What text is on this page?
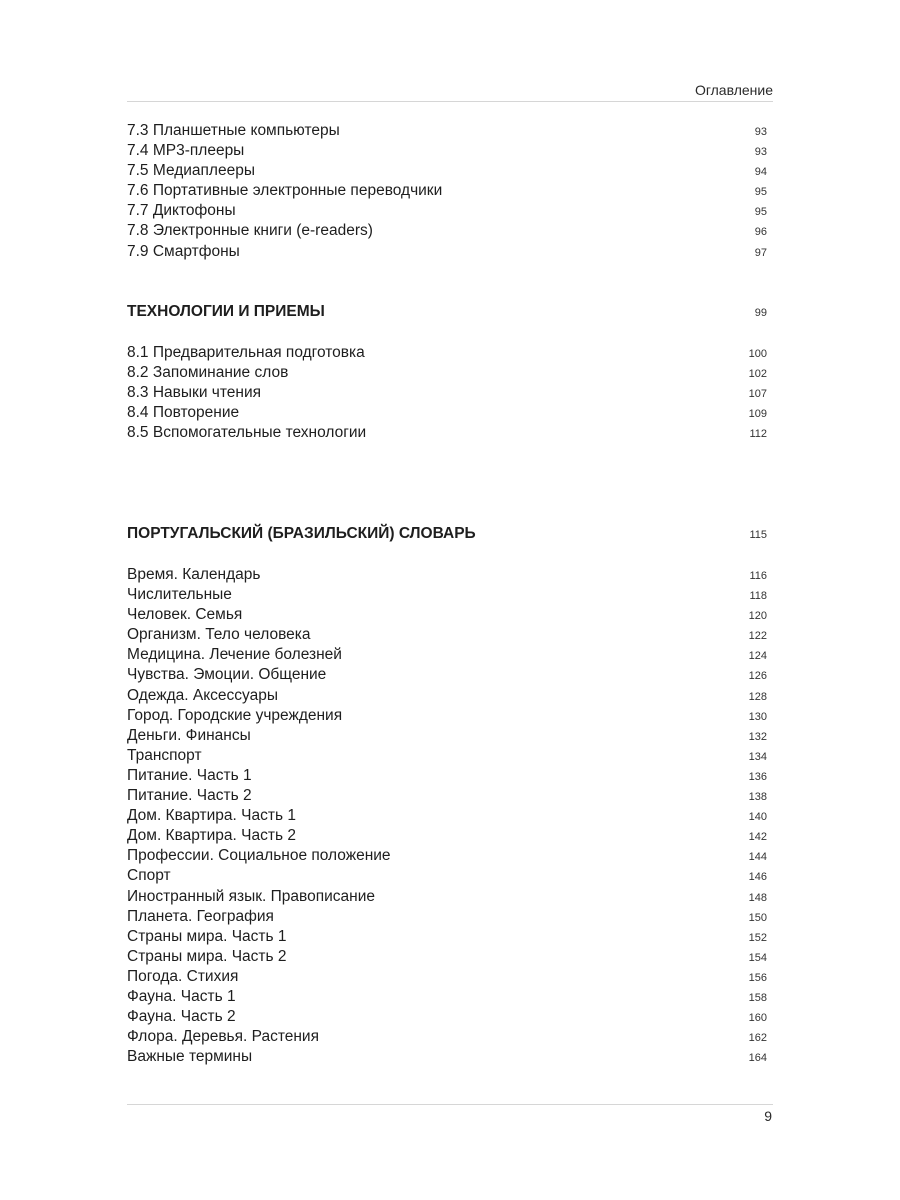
Оглавление
7.3 Планшетные компьютеры	93
7.4 MP3-плееры	93
7.5 Медиаплееры	94
7.6 Портативные электронные переводчики	95
7.7 Диктофоны	95
7.8 Электронные книги (e-readers)	96
7.9 Смартфоны	97
ТЕХНОЛОГИИ И ПРИЕМЫ	99
8.1 Предварительная подготовка	100
8.2 Запоминание слов	102
8.3 Навыки чтения	107
8.4 Повторение	109
8.5 Вспомогательные технологии	112
ПОРТУГАЛЬСКИЙ (БРАЗИЛЬСКИЙ) СЛОВАРЬ	115
Время. Календарь	116
Числительные	118
Человек. Семья	120
Организм. Тело человека	122
Медицина. Лечение болезней	124
Чувства. Эмоции. Общение	126
Одежда. Аксессуары	128
Город. Городские учреждения	130
Деньги. Финансы	132
Транспорт	134
Питание. Часть 1	136
Питание. Часть 2	138
Дом. Квартира. Часть 1	140
Дом. Квартира. Часть 2	142
Профессии. Социальное положение	144
Спорт	146
Иностранный язык. Правописание	148
Планета. География	150
Страны мира. Часть 1	152
Страны мира. Часть 2	154
Погода. Стихия	156
Фауна. Часть 1	158
Фауна. Часть 2	160
Флора. Деревья. Растения	162
Важные термины	164
9
